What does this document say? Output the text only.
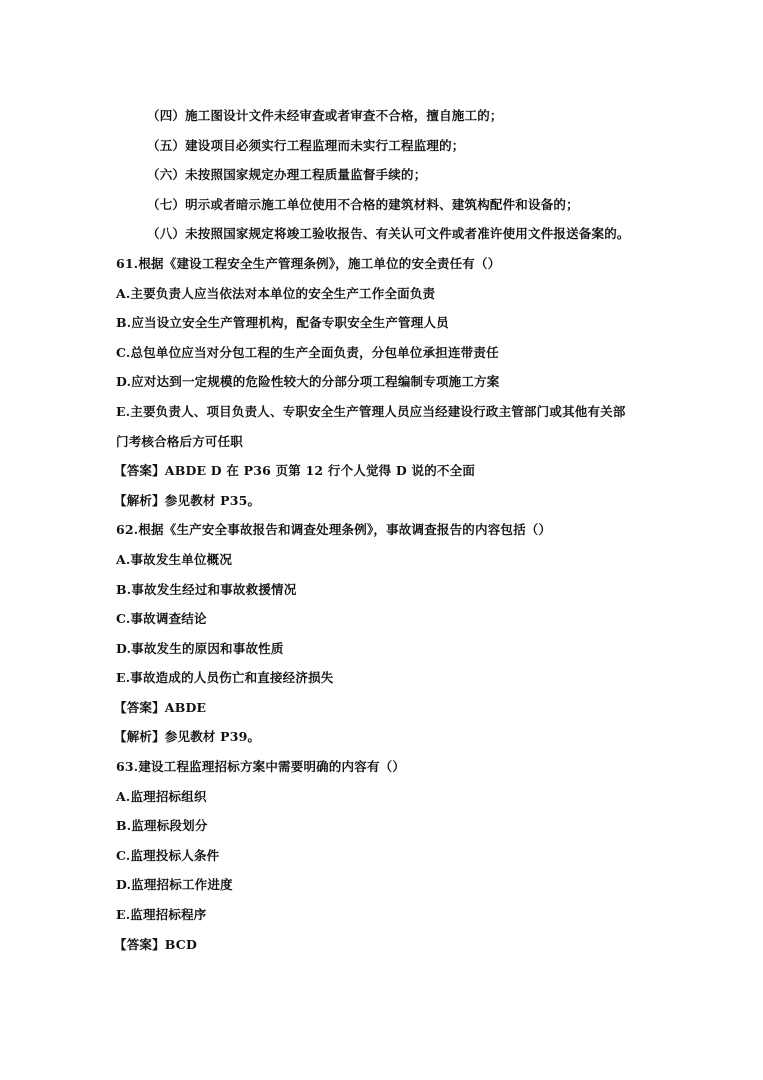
（四）施工图设计文件未经审查或者审查不合格，擅自施工的；
（五）建设项目必须实行工程监理而未实行工程监理的；
（六）未按照国家规定办理工程质量监督手续的；
（七）明示或者暗示施工单位使用不合格的建筑材料、建筑构配件和设备的；
（八）未按照国家规定将竣工验收报告、有关认可文件或者准许使用文件报送备案的。
61.根据《建设工程安全生产管理条例》，施工单位的安全责任有（）
A.主要负责人应当依法对本单位的安全生产工作全面负责
B.应当设立安全生产管理机构，配备专职安全生产管理人员
C.总包单位应当对分包工程的生产全面负责，分包单位承担连带责任
D.应对达到一定规模的危险性较大的分部分项工程编制专项施工方案
E.主要负责人、项目负责人、专职安全生产管理人员应当经建设行政主管部门或其他有关部
门考核合格后方可任职
【答案】ABDE D 在 P36 页第 12 行个人觉得 D 说的不全面
【解析】参见教材 P35。
62.根据《生产安全事故报告和调查处理条例》，事故调查报告的内容包括（）
A.事故发生单位概况
B.事故发生经过和事故救援情况
C.事故调查结论
D.事故发生的原因和事故性质
E.事故造成的人员伤亡和直接经济损失
【答案】ABDE
【解析】参见教材 P39。
63.建设工程监理招标方案中需要明确的内容有（）
A.监理招标组织
B.监理标段划分
C.监理投标人条件
D.监理招标工作进度
E.监理招标程序
【答案】BCD
